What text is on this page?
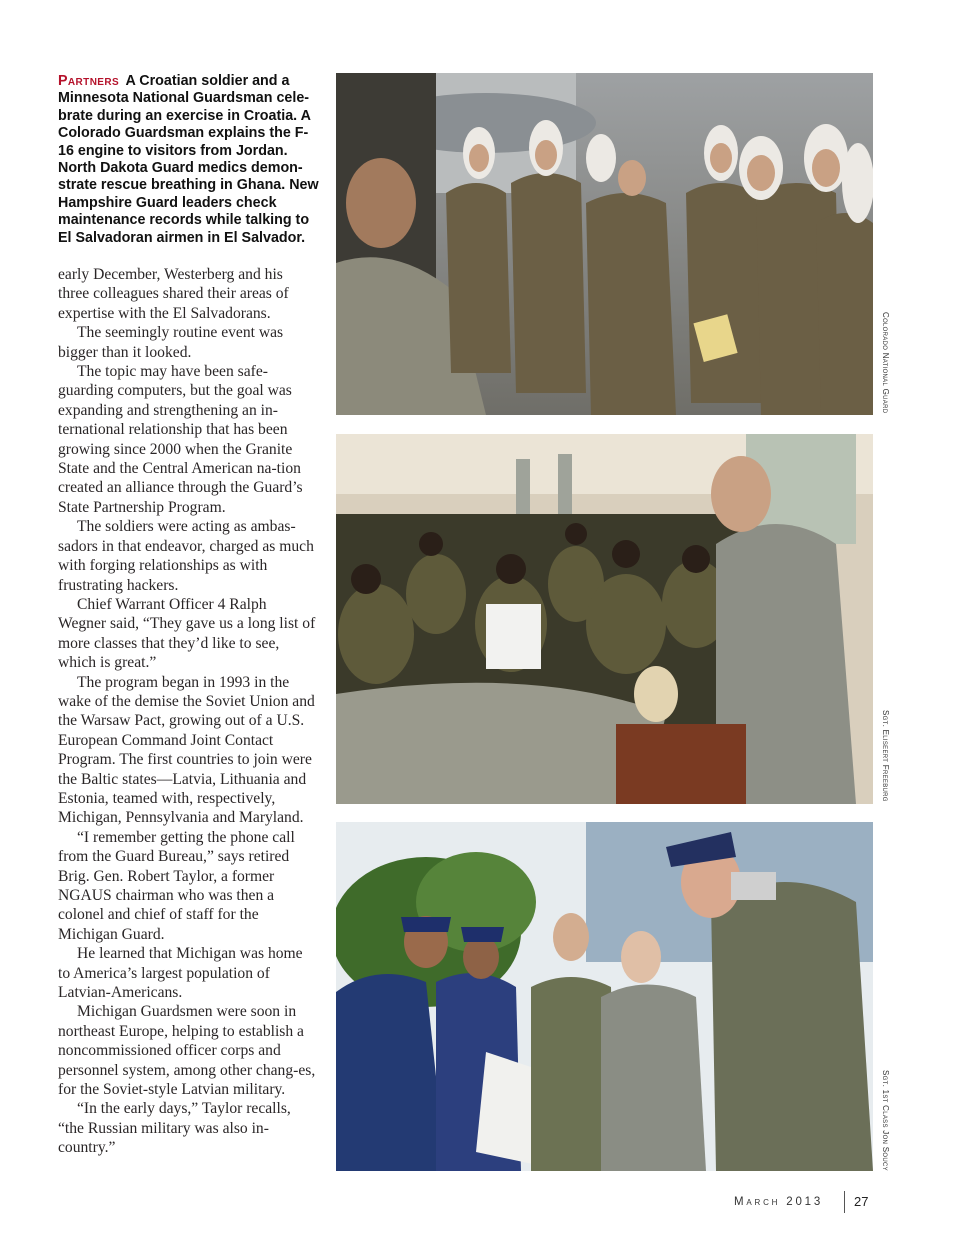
Partners A Croatian soldier and a Minnesota National Guardsman cele-brate during an exercise in Croatia. A Colorado Guardsman explains the F-16 engine to visitors from Jordan. North Dakota Guard medics demon-strate rescue breathing in Ghana. New Hampshire Guard leaders check maintenance records while talking to El Salvadoran airmen in El Salvador.

early December, Westerberg and his three colleagues shared their areas of expertise with the El Salvadorans.

The seemingly routine event was bigger than it looked.

The topic may have been safe-guarding computers, but the goal was expanding and strengthening an in-ternational relationship that has been growing since 2000 when the Granite State and the Central American na-tion created an alliance through the Guard’s State Partnership Program.

The soldiers were acting as ambas-sadors in that endeavor, charged as much with forging relationships as with frustrating hackers.

Chief Warrant Officer 4 Ralph Wegner said, “They gave us a long list of more classes that they’d like to see, which is great.”

The program began in 1993 in the wake of the demise the Soviet Union and the Warsaw Pact, growing out of a U.S. European Command Joint Contact Program. The first countries to join were the Baltic states—Latvia, Lithuania and Estonia, teamed with, respectively, Michigan, Pennsylvania and Maryland.

“I remember getting the phone call from the Guard Bureau,” says retired Brig. Gen. Robert Taylor, a former NGAUS chairman who was then a colonel and chief of staff for the Michigan Guard.

He learned that Michigan was home to America’s largest population of Latvian-Americans.

Michigan Guardsmen were soon in northeast Europe, helping to establish a noncommissioned officer corps and personnel system, among other chang-es, for the Soviet-style Latvian military.

“In the early days,” Taylor recalls, “the Russian military was also in-country.”

Colorado National Guard
Sgt. Eliseert Freeburg
Sgt. 1st Class Jon Soucy
March 2013 27
